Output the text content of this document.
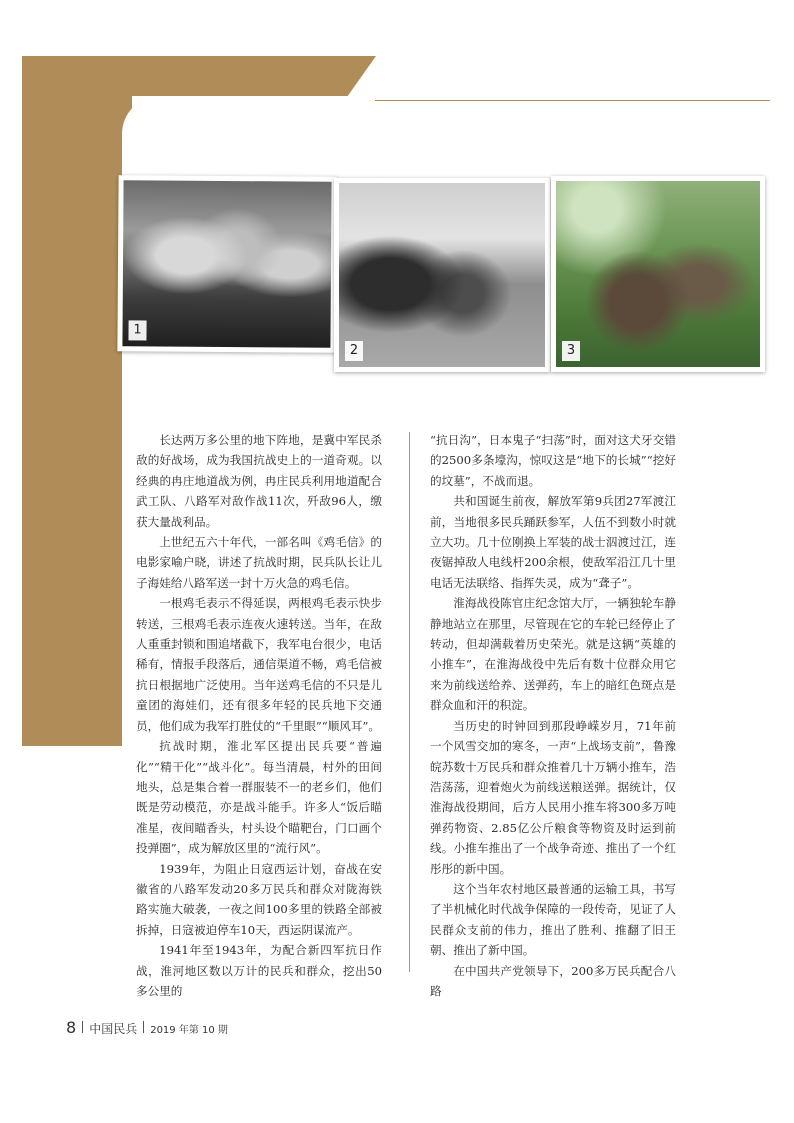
1
2	3

长达两万多公里的地下阵地，是冀中军民杀敌的好战场，成为我国抗战史上的一道奇观。以经典的冉庄地道战为例，冉庄民兵利用地道配合武工队、八路军对敌作战11次，歼敌96人，缴获大量战利品。

上世纪五六十年代，一部名叫《鸡毛信》的电影家喻户晓，讲述了抗战时期，民兵队长让儿子海娃给八路军送一封十万火急的鸡毛信。

一根鸡毛表示不得延误，两根鸡毛表示快步转送，三根鸡毛表示连夜火速转送。当年，在敌人重重封锁和围追堵截下，我军电台很少，电话稀有，情报手段落后，通信渠道不畅，鸡毛信被抗日根据地广泛使用。当年送鸡毛信的不只是儿童团的海娃们，还有很多年轻的民兵地下交通员，他们成为我军打胜仗的“千里眼”“顺风耳”。

抗战时期，淮北军区提出民兵要“普遍化”“精干化”“战斗化”。每当清晨，村外的田间地头，总是集合着一群服装不一的老乡们，他们既是劳动模范，亦是战斗能手。许多人“饭后瞄准星，夜间瞄香头，村头设个瞄靶台，门口画个投弹圈”，成为解放区里的“流行风”。

1939年，为阻止日寇西运计划，奋战在安徽省的八路军发动20多万民兵和群众对陇海铁路实施大破袭，一夜之间100多里的铁路全部被拆掉，日寇被迫停车10天，西运阴谋流产。

1941年至1943年，为配合新四军抗日作战，淮河地区数以万计的民兵和群众，挖出50多公里的

“抗日沟”，日本鬼子“扫荡”时，面对这犬牙交错的2500多条壕沟，惊叹这是“地下的长城”“挖好的坟墓”，不战而退。

共和国诞生前夜，解放军第9兵团27军渡江前，当地很多民兵踊跃参军，人伍不到数小时就立大功。几十位刚换上军装的战士泅渡过江，连夜锯掉敌人电线杆200余根，使敌军沿江几十里电话无法联络、指挥失灵，成为“聋子”。

淮海战役陈官庄纪念馆大厅，一辆独轮车静静地站立在那里，尽管现在它的车轮已经停止了转动，但却满载着历史荣光。就是这辆“英雄的小推车”，在淮海战役中先后有数十位群众用它来为前线送给养、送弹药，车上的暗红色斑点是群众血和汗的积淀。

当历史的时钟回到那段峥嵘岁月，71年前一个风雪交加的寒冬，一声“上战场支前”，鲁豫皖苏数十万民兵和群众推着几十万辆小推车，浩浩荡荡，迎着炮火为前线送粮送弹。据统计，仅淮海战役期间，后方人民用小推车将300多万吨弹药物资、2.85亿公斤粮食等物资及时运到前线。小推车推出了一个战争奇迹、推出了一个红彤彤的新中国。

这个当年农村地区最普通的运输工具，书写了半机械化时代战争保障的一段传奇，见证了人民群众支前的伟力，推出了胜利、推翻了旧王朝、推出了新中国。

在中国共产党领导下，200多万民兵配合八路

8 中国民兵 2019 年第 10 期
